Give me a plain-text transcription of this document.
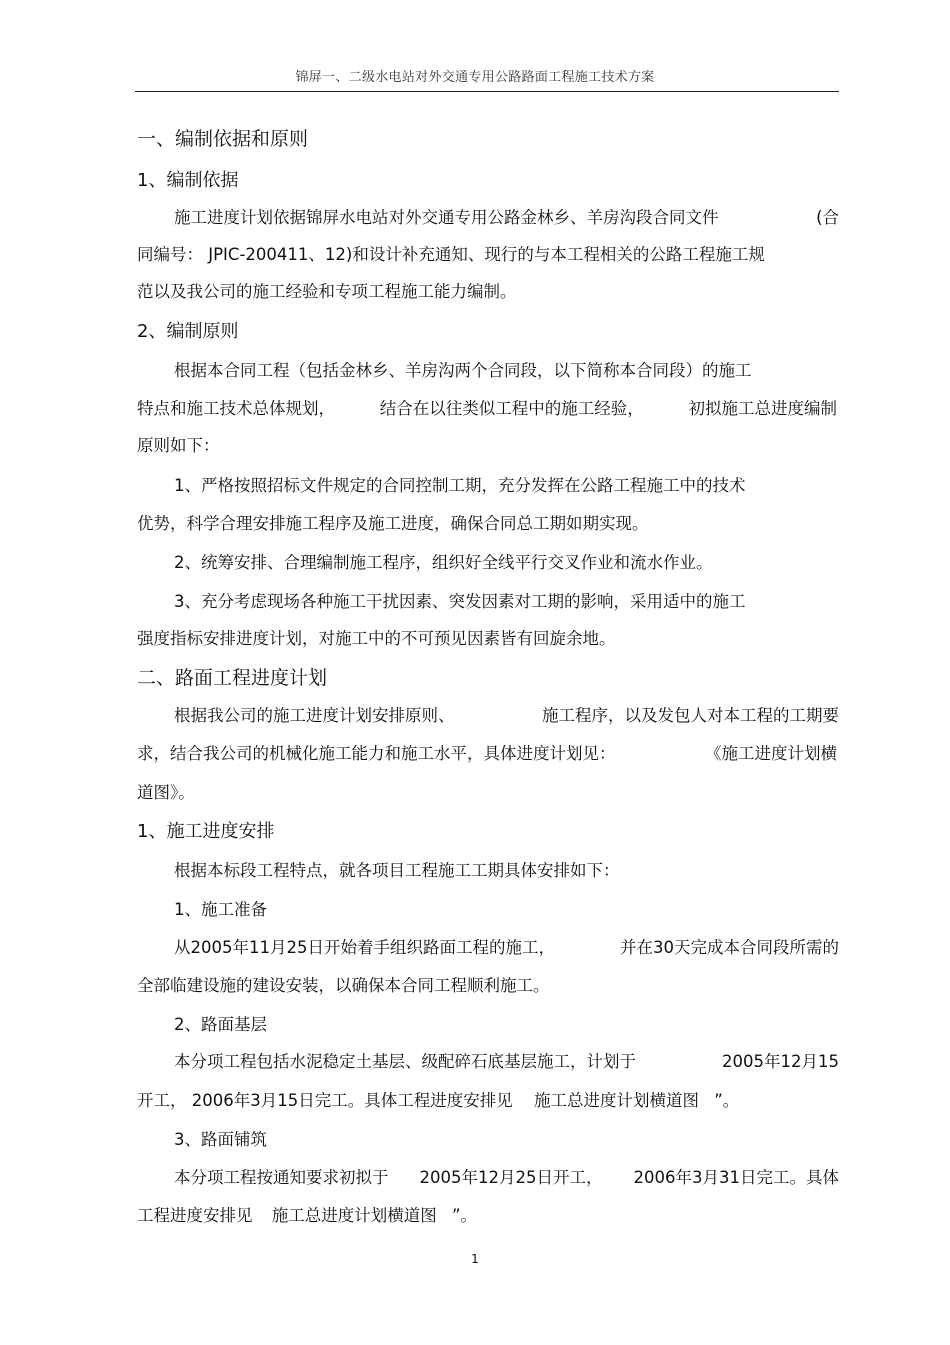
锦屏一、二级水电站对外交通专用公路路面工程施工技术方案
一、编制依据和原则
1、编制依据
施工进度计划依据锦屏水电站对外交通专用公路金林乡、羊房沟段合同文件	(合
同编号： JPIC-200411、12)和设计补充通知、现行的与本工程相关的公路工程施工规
范以及我公司的施工经验和专项工程施工能力编制。
2、编制原则
根据本合同工程（包括金林乡、羊房沟两个合同段，以下简称本合同段）的施工
特点和施工技术总体规划，	结合在以往类似工程中的施工经验，	初拟施工总进度编制
原则如下：
1、严格按照招标文件规定的合同控制工期，充分发挥在公路工程施工中的技术
优势，科学合理安排施工程序及施工进度，确保合同总工期如期实现。
2、统筹安排、合理编制施工程序，组织好全线平行交叉作业和流水作业。
3、充分考虑现场各种施工干扰因素、突发因素对工期的影响，采用适中的施工
强度指标安排进度计划，对施工中的不可预见因素皆有回旋余地。
二、路面工程进度计划
根据我公司的施工进度计划安排原则、	施工程序，以及发包人对本工程的工期要
求，结合我公司的机械化施工能力和施工水平，具体进度计划见：	《施工进度计划横
道图》。
1、施工进度安排
根据本标段工程特点，就各项目工程施工工期具体安排如下：
1、施工准备
从2005年11月25日开始着手组织路面工程的施工，	并在30天完成本合同段所需的
全部临建设施的建设安装，以确保本合同工程顺利施工。
2、路面基层
本分项工程包括水泥稳定土基层、级配碎石底基层施工，计划于	2005年12月15
开工， 2006年3月15日完工。具体工程进度安排见 施工总进度计划横道图 ”。
3、路面铺筑
本分项工程按通知要求初拟于 2005年12月25日开工， 2006年3月31日完工。具体
工程进度安排见 施工总进度计划横道图 ”。
1
